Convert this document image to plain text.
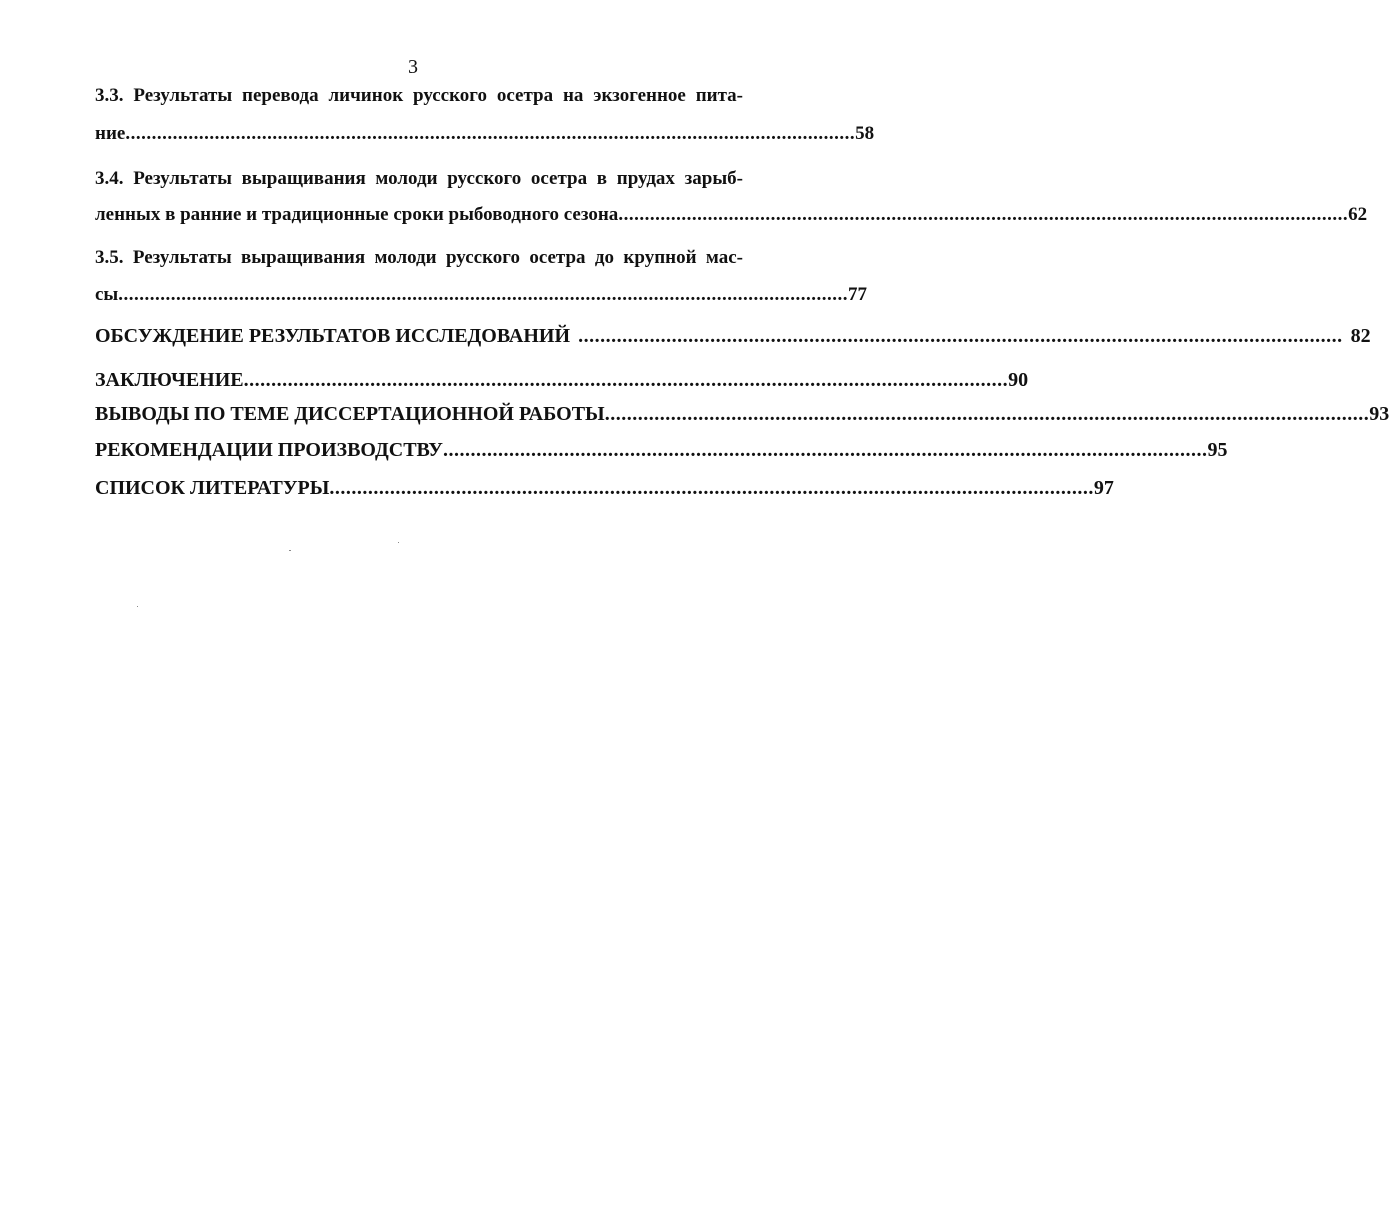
3
3.3. Результаты перевода личинок русского осетра на экзогенное пита-
ние ........................................................................................................................................... 58
3.4. Результаты выращивания молоди русского осетра в прудах зарыб-
ленных в ранние и традиционные сроки рыбоводного сезона ........................................................................................................................................... 62
3.5. Результаты выращивания молоди русского осетра до крупной мас-
сы ........................................................................................................................................... 77
ОБСУЖДЕНИЕ РЕЗУЛЬТАТОВ ИССЛЕДОВАНИЙ ........................................................................................................................................... 82
ЗАКЛЮЧЕНИЕ ........................................................................................................................................... 90
ВЫВОДЫ ПО ТЕМЕ ДИССЕРТАЦИОННОЙ РАБОТЫ ........................................................................................................................................... 93
РЕКОМЕНДАЦИИ ПРОИЗВОДСТВУ ........................................................................................................................................... 95
СПИСОК ЛИТЕРАТУРЫ ........................................................................................................................................... 97
